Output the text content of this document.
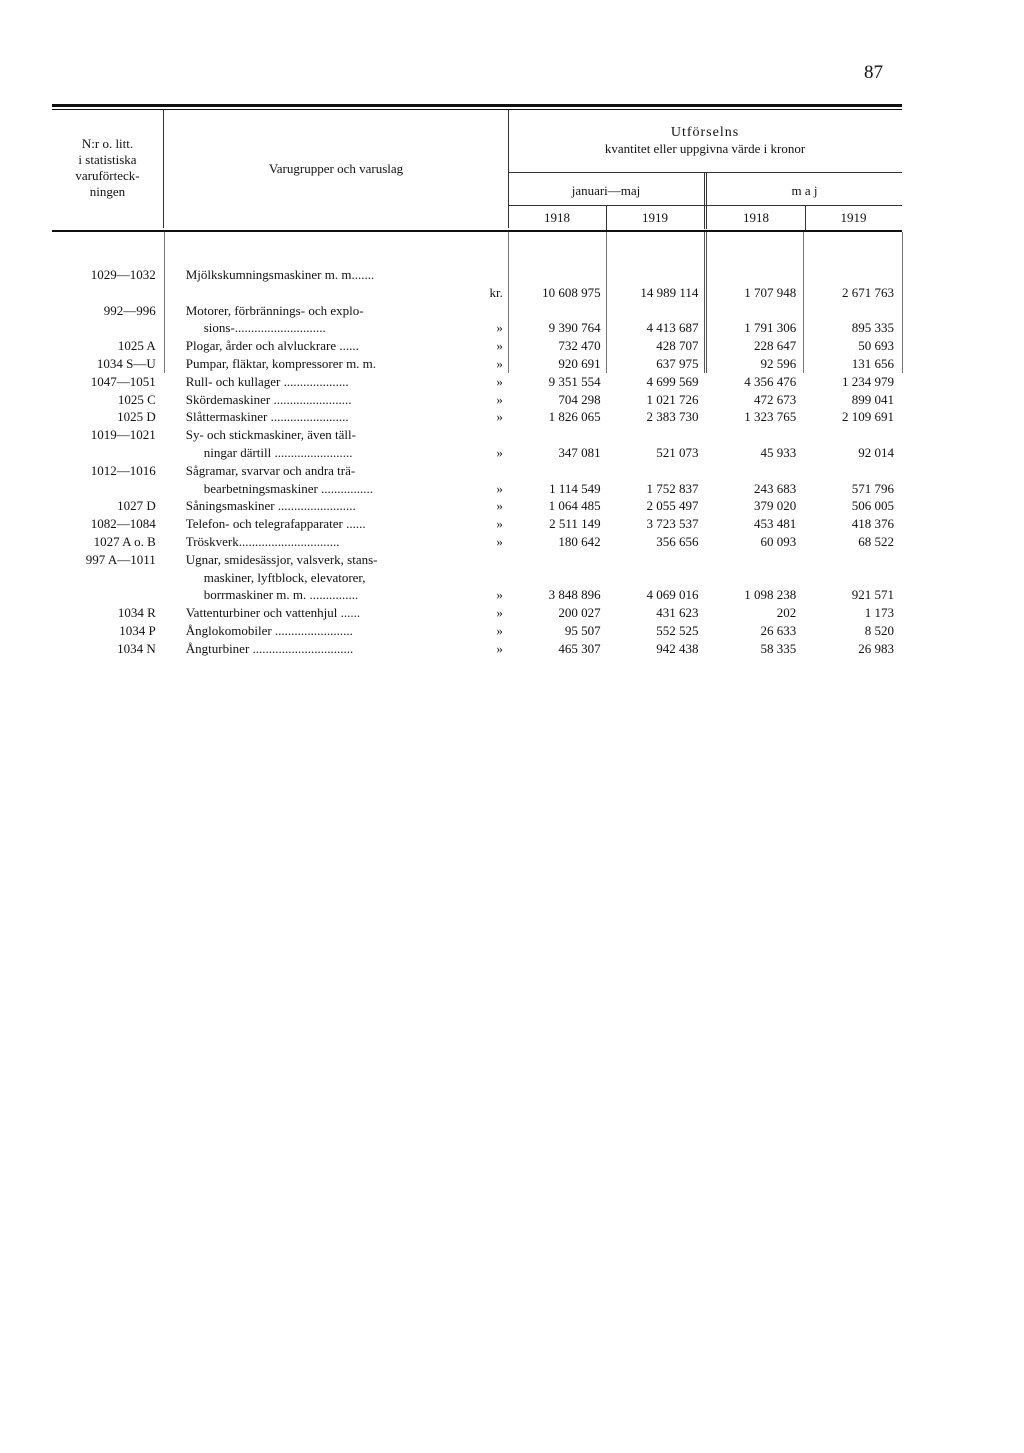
87
N:r o. litt.
i statistiska
varuförteck-
ningen
Varugrupper och varuslag
Utförselns
kvantitet eller uppgivna värde i kronor
januari—maj	m a j
1918	1919	1918	1919
1029—1032	Mjölkskumningsmaskiner m. m.......
kr.	10 608 975	14 989 114	1 707 948	2 671 763
992—996	Motorer, förbrännings- och explo-
sions-............................	»	9 390 764	4 413 687	1 791 306	895 335
1025 A	Plogar, årder och alvluckrare ......	»	732 470	428 707	228 647	50 693
1034 S—U	Pumpar, fläktar, kompressorer m. m.	»	920 691	637 975	92 596	131 656
1047—1051	Rull- och kullager ....................	»	9 351 554	4 699 569	4 356 476	1 234 979
1025 C	Skördemaskiner ........................	»	704 298	1 021 726	472 673	899 041
1025 D	Slåttermaskiner ........................	»	1 826 065	2 383 730	1 323 765	2 109 691
1019—1021	Sy- och stickmaskiner, även täll-
ningar därtill ........................	»	347 081	521 073	45 933	92 014
1012—1016	Sågramar, svarvar och andra trä-
bearbetningsmaskiner ................	»	1 114 549	1 752 837	243 683	571 796
1027 D	Såningsmaskiner ........................	»	1 064 485	2 055 497	379 020	506 005
1082—1084	Telefon- och telegrafapparater ......	»	2 511 149	3 723 537	453 481	418 376
1027 A o. B	Tröskverk...............................	»	180 642	356 656	60 093	68 522
997 A—1011	Ugnar, smidesässjor, valsverk, stans-
maskiner, lyftblock, elevatorer,
borrmaskiner m. m. ...............	»	3 848 896	4 069 016	1 098 238	921 571
1034 R	Vattenturbiner och vattenhjul ......	»	200 027	431 623	202	1 173
1034 P	Ånglokomobiler ........................	»	95 507	552 525	26 633	8 520
1034 N	Ångturbiner ...............................	»	465 307	942 438	58 335	26 983
